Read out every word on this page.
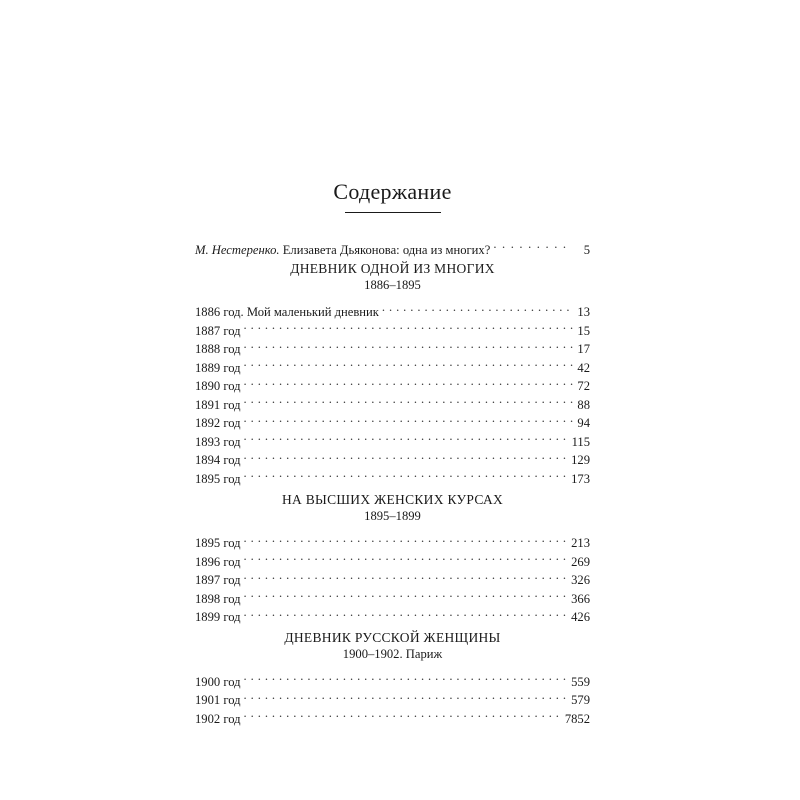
Содержание
М. Нестеренко. Елизавета Дьяконова: одна из многих? . . .	5
ДНЕВНИК ОДНОЙ ИЗ МНОГИХ
1886–1895
1886 год. Мой маленький дневник . . .	13
1887 год . . .	15
1888 год . . .	17
1889 год . . .	42
1890 год . . .	72
1891 год . . .	88
1892 год . . .	94
1893 год . . .	115
1894 год . . .	129
1895 год . . .	173
НА ВЫСШИХ ЖЕНСКИХ КУРСАХ
1895–1899
1895 год . . .	213
1896 год . . .	269
1897 год . . .	326
1898 год . . .	366
1899 год . . .	426
ДНЕВНИК РУССКОЙ ЖЕНЩИНЫ
1900–1902. Париж
1900 год . . .	559
1901 год . . .	579
1902 год . . .	7852
